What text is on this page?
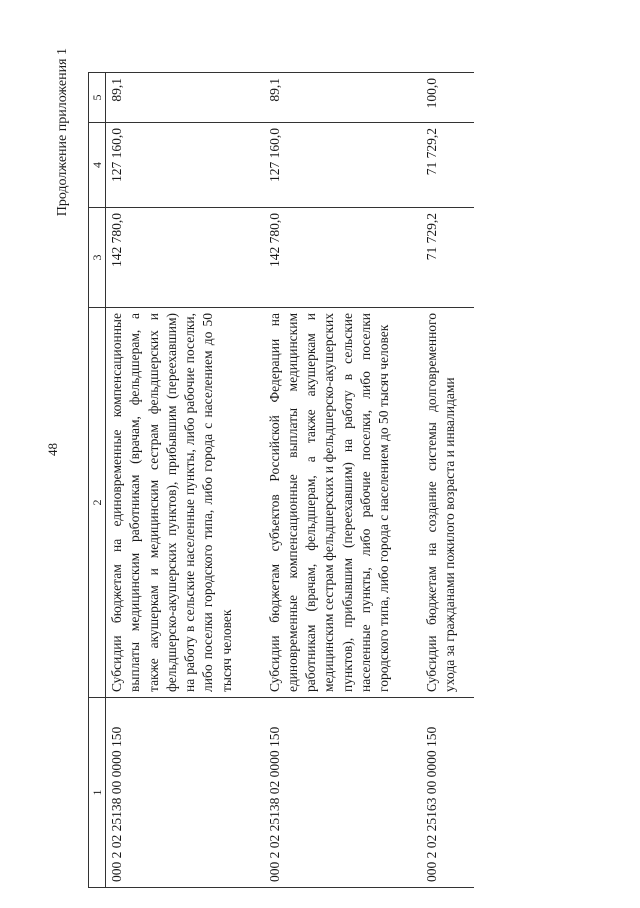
48
Продолжение приложения 1
1	2	3	4	5
000 2 02 25138 00 0000 150	Субсидии бюджетам на единовременные компенсационные выплаты медицинским работникам (врачам, фельдшерам, а также акушеркам и медицинским сестрам фельдшерских и фельдшерско-акушерских пунктов), прибывшим (переехавшим) на работу в сельские населенные пункты, либо рабочие поселки, либо поселки городского типа, либо города с населением до 50 тысяч человек	142 780,0	127 160,0	89,1
000 2 02 25138 02 0000 150	Субсидии бюджетам субъектов Российской Федерации на единовременные компенсационные выплаты медицинским работникам (врачам, фельдшерам, а также акушеркам и медицинским сестрам фельдшерских и фельдшерско-акушерских пунктов), прибывшим (переехавшим) на работу в сельские населенные пункты, либо рабочие поселки, либо поселки городского типа, либо города с населением до 50 тысяч человек	142 780,0	127 160,0	89,1
000 2 02 25163 00 0000 150	Субсидии бюджетам на создание системы долговременного ухода за гражданами пожилого возраста и инвалидами	71 729,2	71 729,2	100,0
